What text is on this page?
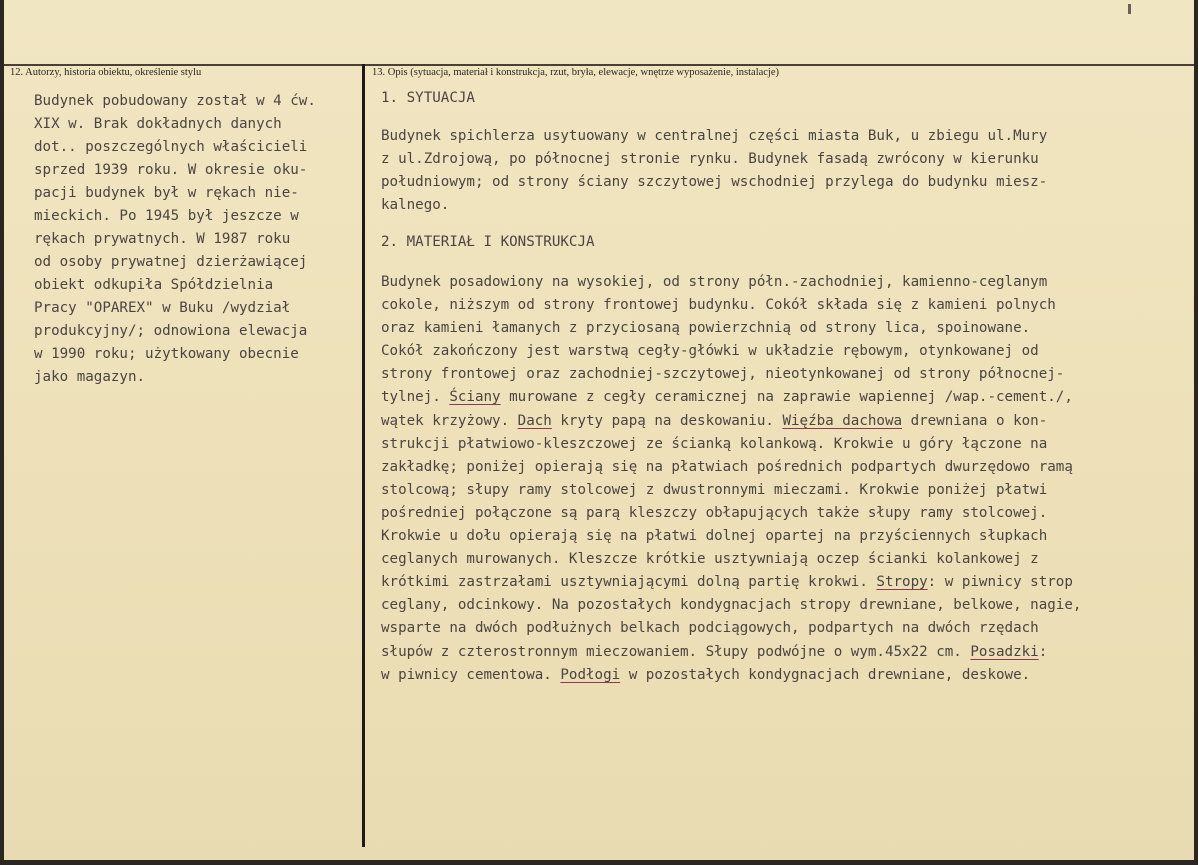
12. Autorzy, historia obiektu, określenie stylu	13. Opis (sytuacja, materiał i konstrukcja, rzut, bryła, elewacje, wnętrze wyposażenie, instalacje)
Budynek pobudowany został w 4 ćw.
XIX w. Brak dokładnych danych
dot.. poszczególnych właścicieli
sprzed 1939 roku. W okresie oku-
pacji budynek był w rękach nie-
mieckich. Po 1945 był jeszcze w
rękach prywatnych. W 1987 roku
od osoby prywatnej dzierżawiącej
obiekt odkupiła Spółdzielnia
Pracy "OPAREX" w Buku /wydział
produkcyjny/; odnowiona elewacja
w 1990 roku; użytkowany obecnie
jako magazyn.
1. SYTUACJA
Budynek spichlerza usytuowany w centralnej części miasta Buk, u zbiegu ul.Mury
z ul.Zdrojową, po północnej stronie rynku. Budynek fasadą zwrócony w kierunku
południowym; od strony ściany szczytowej wschodniej przylega do budynku miesz-
kalnego.
2. MATERIAŁ I KONSTRUKCJA
Budynek posadowiony na wysokiej, od strony półn.-zachodniej, kamienno-ceglanym
cokole, niższym od strony frontowej budynku. Cokół składa się z kamieni polnych
oraz kamieni łamanych z przyciosaną powierzchnią od strony lica, spoinowane.
Cokół zakończony jest warstwą cegły-główki w układzie rębowym, otynkowanej od
strony frontowej oraz zachodniej-szczytowej, nieotynkowanej od strony północnej-
tylnej. Ściany murowane z cegły ceramicznej na zaprawie wapiennej /wap.-cement./,
wątek krzyżowy. Dach kryty papą na deskowaniu. Więźba dachowa drewniana o kon-
strukcji płatwiowo-kleszczowej ze ścianką kolankową. Krokwie u góry łączone na
zakładkę; poniżej opierają się na płatwiach pośrednich podpartych dwurzędowo ramą
stolcową; słupy ramy stolcowej z dwustronnymi mieczami. Krokwie poniżej płatwi
pośredniej połączone są parą kleszczy obłapujących także słupy ramy stolcowej.
Krokwie u dołu opierają się na płatwi dolnej opartej na przyściennych słupkach
ceglanych murowanych. Kleszcze krótkie usztywniają oczep ścianki kolankowej z
krótkimi zastrzałami usztywniającymi dolną partię krokwi. Stropy: w piwnicy strop
ceglany, odcinkowy. Na pozostałych kondygnacjach stropy drewniane, belkowe, nagie,
wsparte na dwóch podłużnych belkach podciągowych, podpartych na dwóch rzędach
słupów z czterostronnym mieczowaniem. Słupy podwójne o wym.45x22 cm. Posadzki:
w piwnicy cementowa. Podłogi w pozostałych kondygnacjach drewniane, deskowe.
